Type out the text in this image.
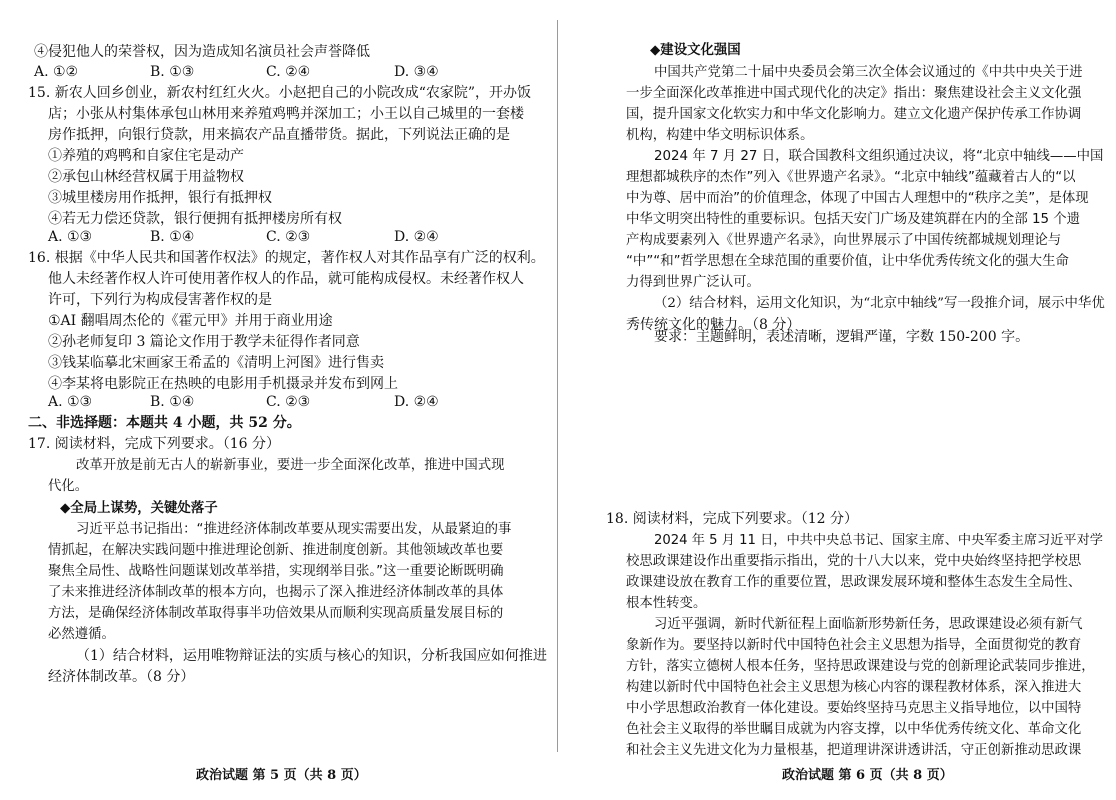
④侵犯他人的荣誉权，因为造成知名演员社会声誉降低
A. ①②	B. ①③	C. ②④	D. ③④
15. 新农人回乡创业，新农村红红火火。小赵把自己的小院改成“农家院”，开办饭
店；小张从村集体承包山林用来养殖鸡鸭并深加工；小王以自己城里的一套楼
房作抵押，向银行贷款，用来搞农产品直播带货。据此，下列说法正确的是
①养殖的鸡鸭和自家住宅是动产
②承包山林经营权属于用益物权
③城里楼房用作抵押，银行有抵押权
④若无力偿还贷款，银行便拥有抵押楼房所有权
A. ①③	B. ①④	C. ②③	D. ②④
16. 根据《中华人民共和国著作权法》的规定，著作权人对其作品享有广泛的权利。
他人未经著作权人许可使用著作权人的作品，就可能构成侵权。未经著作权人
许可，下列行为构成侵害著作权的是
①AI 翻唱周杰伦的《霍元甲》并用于商业用途
②孙老师复印 3 篇论文作用于教学未征得作者同意
③钱某临摹北宋画家王希孟的《清明上河图》进行售卖
④李某将电影院正在热映的电影用手机摄录并发布到网上
A. ①③	B. ①④	C. ②③	D. ②④
二、非选择题：本题共 4 小题，共 52 分。
17. 阅读材料，完成下列要求。（16 分）
改革开放是前无古人的崭新事业，要进一步全面深化改革，推进中国式现
代化。
◆全局上谋势，关键处落子
习近平总书记指出：“推进经济体制改革要从现实需要出发，从最紧迫的事
情抓起，在解决实践问题中推进理论创新、推进制度创新。其他领域改革也要
聚焦全局性、战略性问题谋划改革举措，实现纲举目张。”这一重要论断既明确
了未来推进经济体制改革的根本方向，也揭示了深入推进经济体制改革的具体
方法，是确保经济体制改革取得事半功倍效果从而顺利实现高质量发展目标的
必然遵循。
（1）结合材料，运用唯物辩证法的实质与核心的知识，分析我国应如何推进
经济体制改革。（8 分）
政治试题 第 5 页（共 8 页）
◆建设文化强国
中国共产党第二十届中央委员会第三次全体会议通过的《中共中央关于进
一步全面深化改革推进中国式现代化的决定》指出：聚焦建设社会主义文化强
国，提升国家文化软实力和中华文化影响力。建立文化遗产保护传承工作协调
机构，构建中华文明标识体系。
2024 年 7 月 27 日，联合国教科文组织通过决议，将“北京中轴线——中国
理想都城秩序的杰作”列入《世界遗产名录》。“北京中轴线”蕴藏着古人的“以
中为尊、居中而治”的价值理念，体现了中国古人理想中的“秩序之美”，是体现
中华文明突出特性的重要标识。包括天安门广场及建筑群在内的全部 15 个遗
产构成要素列入《世界遗产名录》，向世界展示了中国传统都城规划理论与
“中”“和”哲学思想在全球范围的重要价值，让中华优秀传统文化的强大生命
力得到世界广泛认可。
（2）结合材料，运用文化知识，为“北京中轴线”写一段推介词，展示中华优
秀传统文化的魅力。（8 分）
要求：主题鲜明，表述清晰，逻辑严谨，字数 150-200 字。
18. 阅读材料，完成下列要求。（12 分）
2024 年 5 月 11 日，中共中央总书记、国家主席、中央军委主席习近平对学
校思政课建设作出重要指示指出，党的十八大以来，党中央始终坚持把学校思
政课建设放在教育工作的重要位置，思政课发展环境和整体生态发生全局性、
根本性转变。
习近平强调，新时代新征程上面临新形势新任务，思政课建设必须有新气
象新作为。要坚持以新时代中国特色社会主义思想为指导，全面贯彻党的教育
方针，落实立德树人根本任务，坚持思政课建设与党的创新理论武装同步推进，
构建以新时代中国特色社会主义思想为核心内容的课程教材体系，深入推进大
中小学思想政治教育一体化建设。要始终坚持马克思主义指导地位，以中国特
色社会主义取得的举世瞩目成就为内容支撑，以中华优秀传统文化、革命文化
和社会主义先进文化为力量根基，把道理讲深讲透讲活，守正创新推动思政课
政治试题 第 6 页（共 8 页）
